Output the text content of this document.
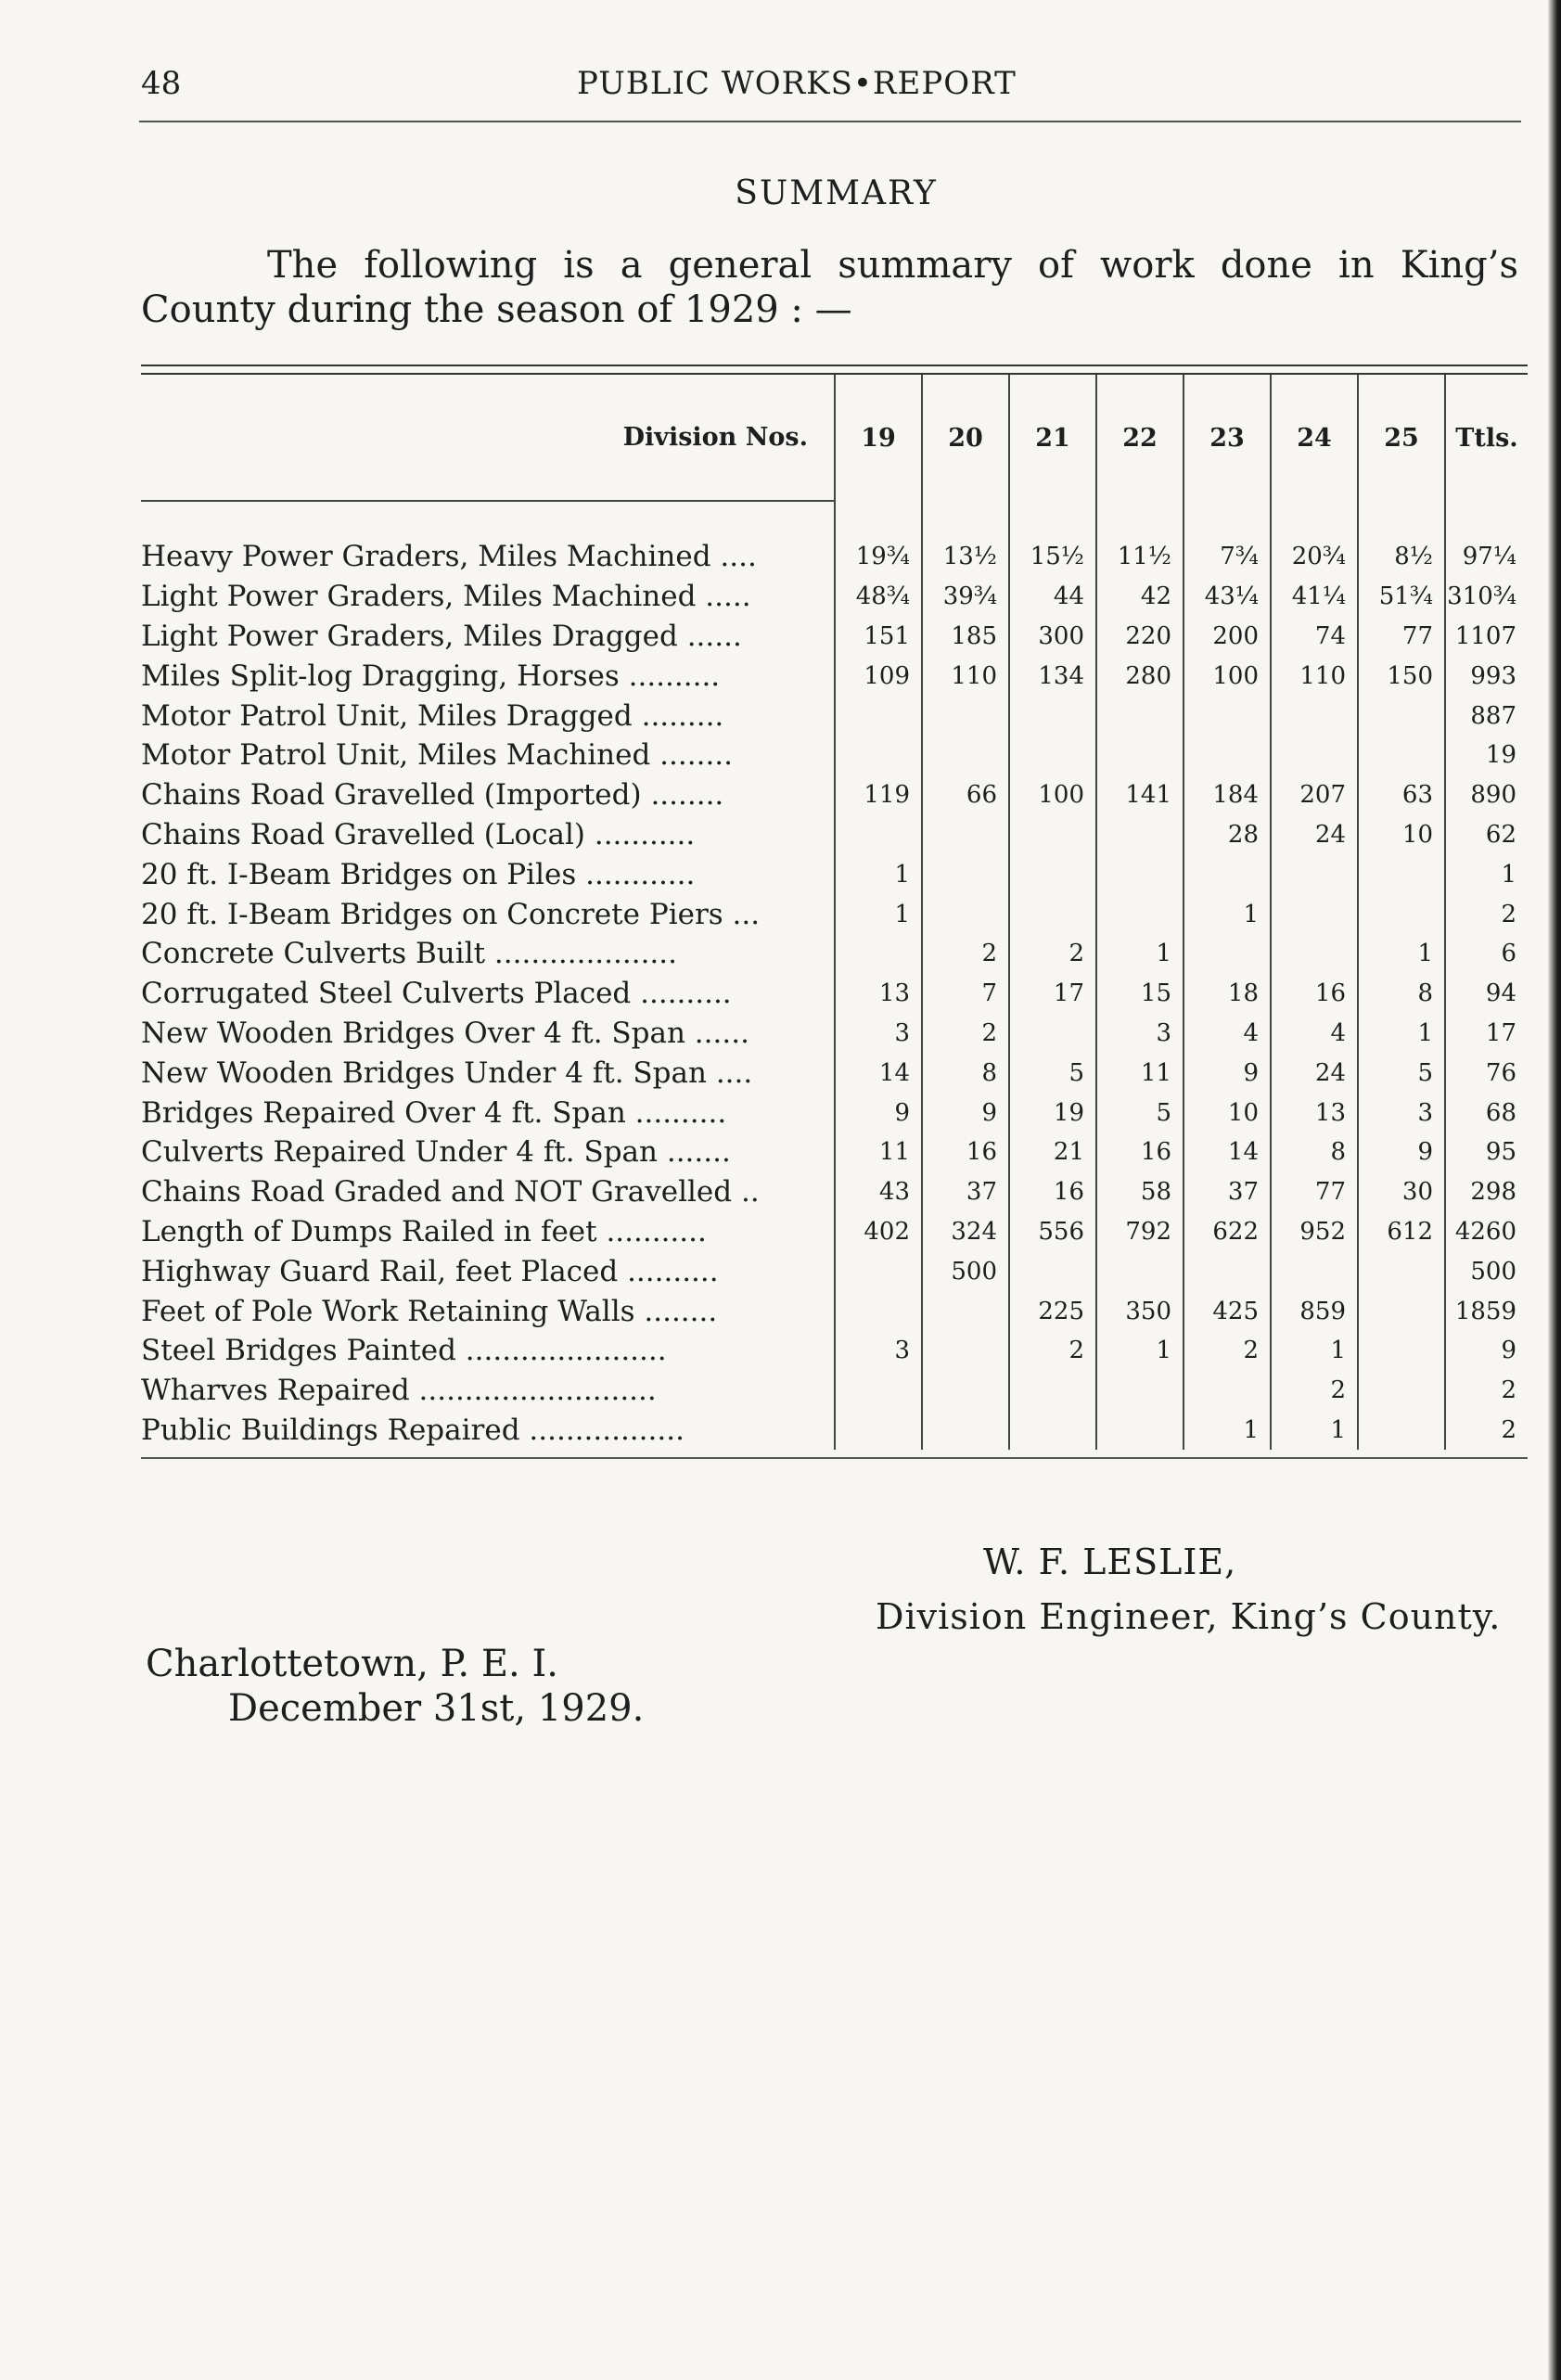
48	PUBLIC WORKS•REPORT
SUMMARY
The following is a general summary of work done in King’s
County during the season of 1929 : —
Division Nos.	19	20	21	22	23	24	25	Ttls.

Heavy Power Graders, Miles Machined ....	19¾	13½	15½	11½	7¾	20¾	8½	97¼
Light Power Graders, Miles Machined .....	48¾	39¾	44	42	43¼	41¼	51¾	310¾
Light Power Graders, Miles Dragged ......	151	185	300	220	200	74	77	1107
Miles Split-log Dragging, Horses ..........	109	110	134	280	100	110	150	993
Motor Patrol Unit, Miles Dragged .........								887
Motor Patrol Unit, Miles Machined ........								19
Chains Road Gravelled (Imported) ........	119	66	100	141	184	207	63	890
Chains Road Gravelled (Local) ...........					28	24	10	62
20 ft. I-Beam Bridges on Piles ............	1							1
20 ft. I-Beam Bridges on Concrete Piers ...	1				1			2
Concrete Culverts Built ....................		2	2	1			1	6
Corrugated Steel Culverts Placed ..........	13	7	17	15	18	16	8	94
New Wooden Bridges Over 4 ft. Span ......	3	2		3	4	4	1	17
New Wooden Bridges Under 4 ft. Span ....	14	8	5	11	9	24	5	76
Bridges Repaired Over 4 ft. Span ..........	9	9	19	5	10	13	3	68
Culverts Repaired Under 4 ft. Span .......	11	16	21	16	14	8	9	95
Chains Road Graded and NOT Gravelled ..	43	37	16	58	37	77	30	298
Length of Dumps Railed in feet ...........	402	324	556	792	622	952	612	4260
Highway Guard Rail, feet Placed ..........		500						500
Feet of Pole Work Retaining Walls ........			225	350	425	859		1859
Steel Bridges Painted ......................	3		2	1	2	1		9
Wharves Repaired ..........................						2		2
Public Buildings Repaired .................					1	1		2
W. F. LESLIE,
Division Engineer, King’s County.
Charlottetown, P. E. I.
December 31st, 1929.
